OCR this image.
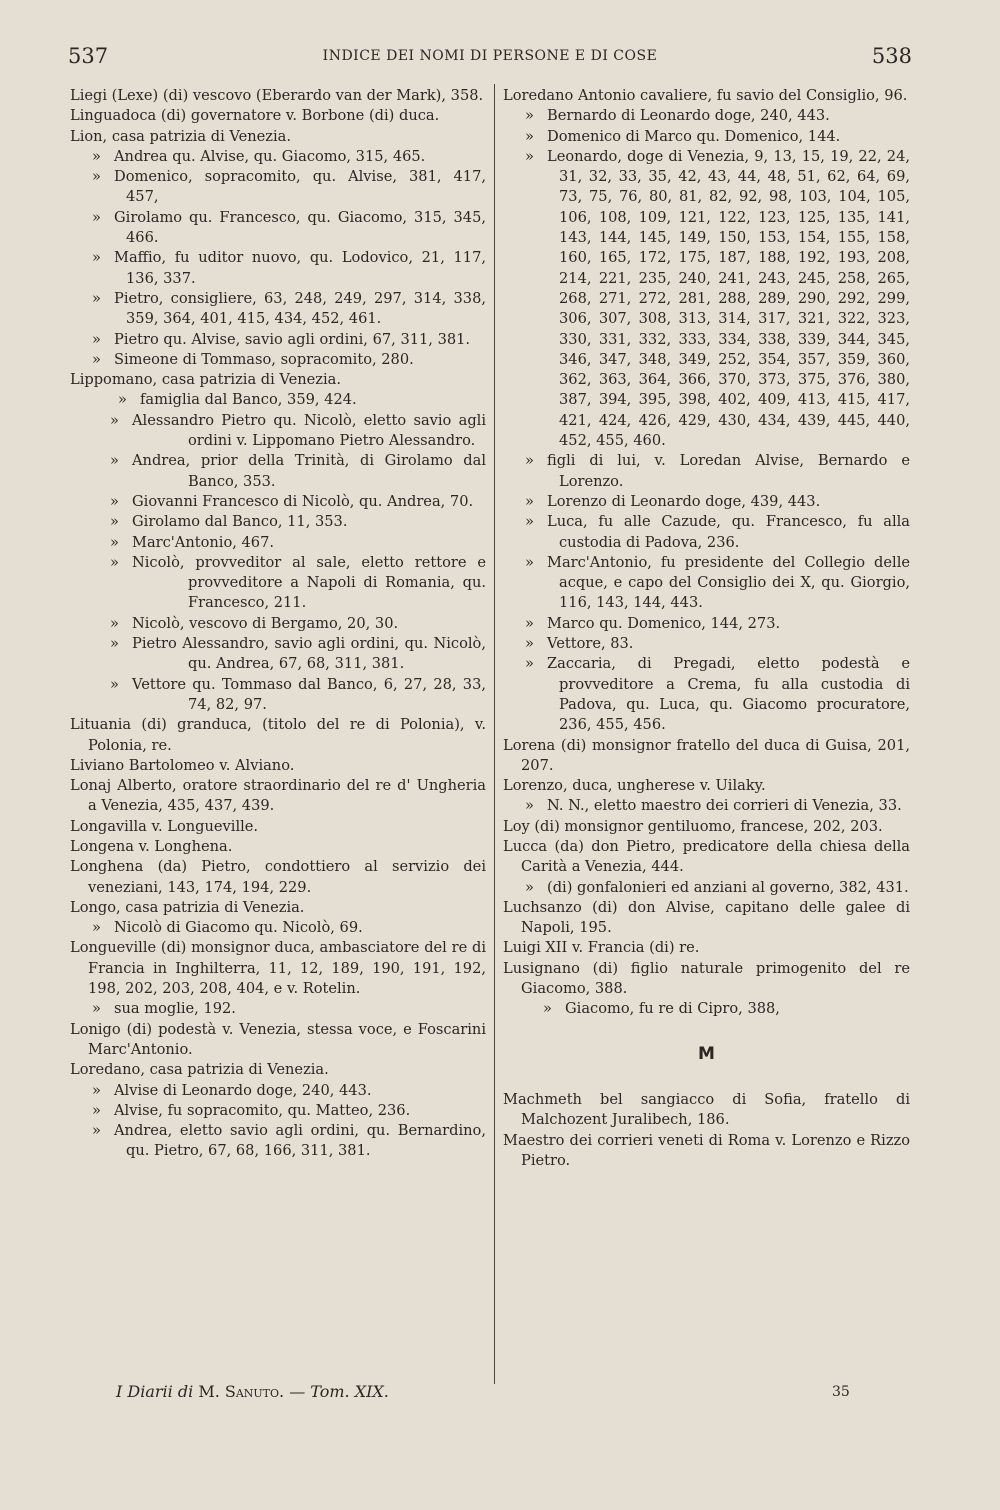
537	INDICE DEI NOMI DI PERSONE E DI COSE	538

Liegi (Lexe) (di) vescovo (Eberardo van der Mark), 358.

Linguadoca (di) governatore v. Borbone (di) duca.

Lion, casa patrizia di Venezia.

» Andrea qu. Alvise, qu. Giacomo, 315, 465.

» Domenico, sopracomito, qu. Alvise, 381, 417, 457,

» Girolamo qu. Francesco, qu. Giacomo, 315, 345, 466.

» Maffio, fu uditor nuovo, qu. Lodovico, 21, 117, 136, 337.

» Pietro, consigliere, 63, 248, 249, 297, 314, 338, 359, 364, 401, 415, 434, 452, 461.

» Pietro qu. Alvise, savio agli ordini, 67, 311, 381.

» Simeone di Tommaso, sopracomito, 280.

Lippomano, casa patrizia di Venezia.

» famiglia dal Banco, 359, 424.

» Alessandro Pietro qu. Nicolò, eletto savio agli ordini v. Lippomano Pietro Alessandro.

» Andrea, prior della Trinità, di Girolamo dal Banco, 353.

» Giovanni Francesco di Nicolò, qu. Andrea, 70.

» Girolamo dal Banco, 11, 353.

» Marc'Antonio, 467.

» Nicolò, provveditor al sale, eletto rettore e provveditore a Napoli di Romania, qu. Francesco, 211.

» Nicolò, vescovo di Bergamo, 20, 30.

» Pietro Alessandro, savio agli ordini, qu. Nicolò, qu. Andrea, 67, 68, 311, 381.

» Vettore qu. Tommaso dal Banco, 6, 27, 28, 33, 74, 82, 97.

Lituania (di) granduca, (titolo del re di Polonia), v. Polonia, re.

Liviano Bartolomeo v. Alviano.

Lonaj Alberto, oratore straordinario del re d' Ungheria a Venezia, 435, 437, 439.

Longavilla v. Longueville.

Longena v. Longhena.

Longhena (da) Pietro, condottiero al servizio dei veneziani, 143, 174, 194, 229.

Longo, casa patrizia di Venezia.

» Nicolò di Giacomo qu. Nicolò, 69.

Longueville (di) monsignor duca, ambasciatore del re di Francia in Inghilterra, 11, 12, 189, 190, 191, 192, 198, 202, 203, 208, 404, e v. Rotelin.

» sua moglie, 192.

Lonigo (di) podestà v. Venezia, stessa voce, e Foscarini Marc'Antonio.

Loredano, casa patrizia di Venezia.

» Alvise di Leonardo doge, 240, 443.

» Alvise, fu sopracomito, qu. Matteo, 236.

» Andrea, eletto savio agli ordini, qu. Bernardino, qu. Pietro, 67, 68, 166, 311, 381.

Loredano Antonio cavaliere, fu savio del Consiglio, 96.

» Bernardo di Leonardo doge, 240, 443.

» Domenico di Marco qu. Domenico, 144.

» Leonardo, doge di Venezia, 9, 13, 15, 19, 22, 24, 31, 32, 33, 35, 42, 43, 44, 48, 51, 62, 64, 69, 73, 75, 76, 80, 81, 82, 92, 98, 103, 104, 105, 106, 108, 109, 121, 122, 123, 125, 135, 141, 143, 144, 145, 149, 150, 153, 154, 155, 158, 160, 165, 172, 175, 187, 188, 192, 193, 208, 214, 221, 235, 240, 241, 243, 245, 258, 265, 268, 271, 272, 281, 288, 289, 290, 292, 299, 306, 307, 308, 313, 314, 317, 321, 322, 323, 330, 331, 332, 333, 334, 338, 339, 344, 345, 346, 347, 348, 349, 252, 354, 357, 359, 360, 362, 363, 364, 366, 370, 373, 375, 376, 380, 387, 394, 395, 398, 402, 409, 413, 415, 417, 421, 424, 426, 429, 430, 434, 439, 445, 440, 452, 455, 460.

» figli di lui, v. Loredan Alvise, Bernardo e Lorenzo.

» Lorenzo di Leonardo doge, 439, 443.

» Luca, fu alle Cazude, qu. Francesco, fu alla custodia di Padova, 236.

» Marc'Antonio, fu presidente del Collegio delle acque, e capo del Consiglio dei X, qu. Giorgio, 116, 143, 144, 443.

» Marco qu. Domenico, 144, 273.

» Vettore, 83.

» Zaccaria, di Pregadi, eletto podestà e provveditore a Crema, fu alla custodia di Padova, qu. Luca, qu. Giacomo procuratore, 236, 455, 456.

Lorena (di) monsignor fratello del duca di Guisa, 201, 207.

Lorenzo, duca, ungherese v. Uilaky.

» N. N., eletto maestro dei corrieri di Venezia, 33.

Loy (di) monsignor gentiluomo, francese, 202, 203.

Lucca (da) don Pietro, predicatore della chiesa della Carità a Venezia, 444.

» (di) gonfalonieri ed anziani al governo, 382, 431.

Luchsanzo (di) don Alvise, capitano delle galee di Napoli, 195.

Luigi XII v. Francia (di) re.

Lusignano (di) figlio naturale primogenito del re Giacomo, 388.

» Giacomo, fu re di Cipro, 388,

M

Machmeth bel sangiacco di Sofia, fratello di Malchozent Juralibech, 186.

Maestro dei corrieri veneti di Roma v. Lorenzo e Rizzo Pietro.

I Diarii di M. Sanuto. — Tom. XIX.	35
